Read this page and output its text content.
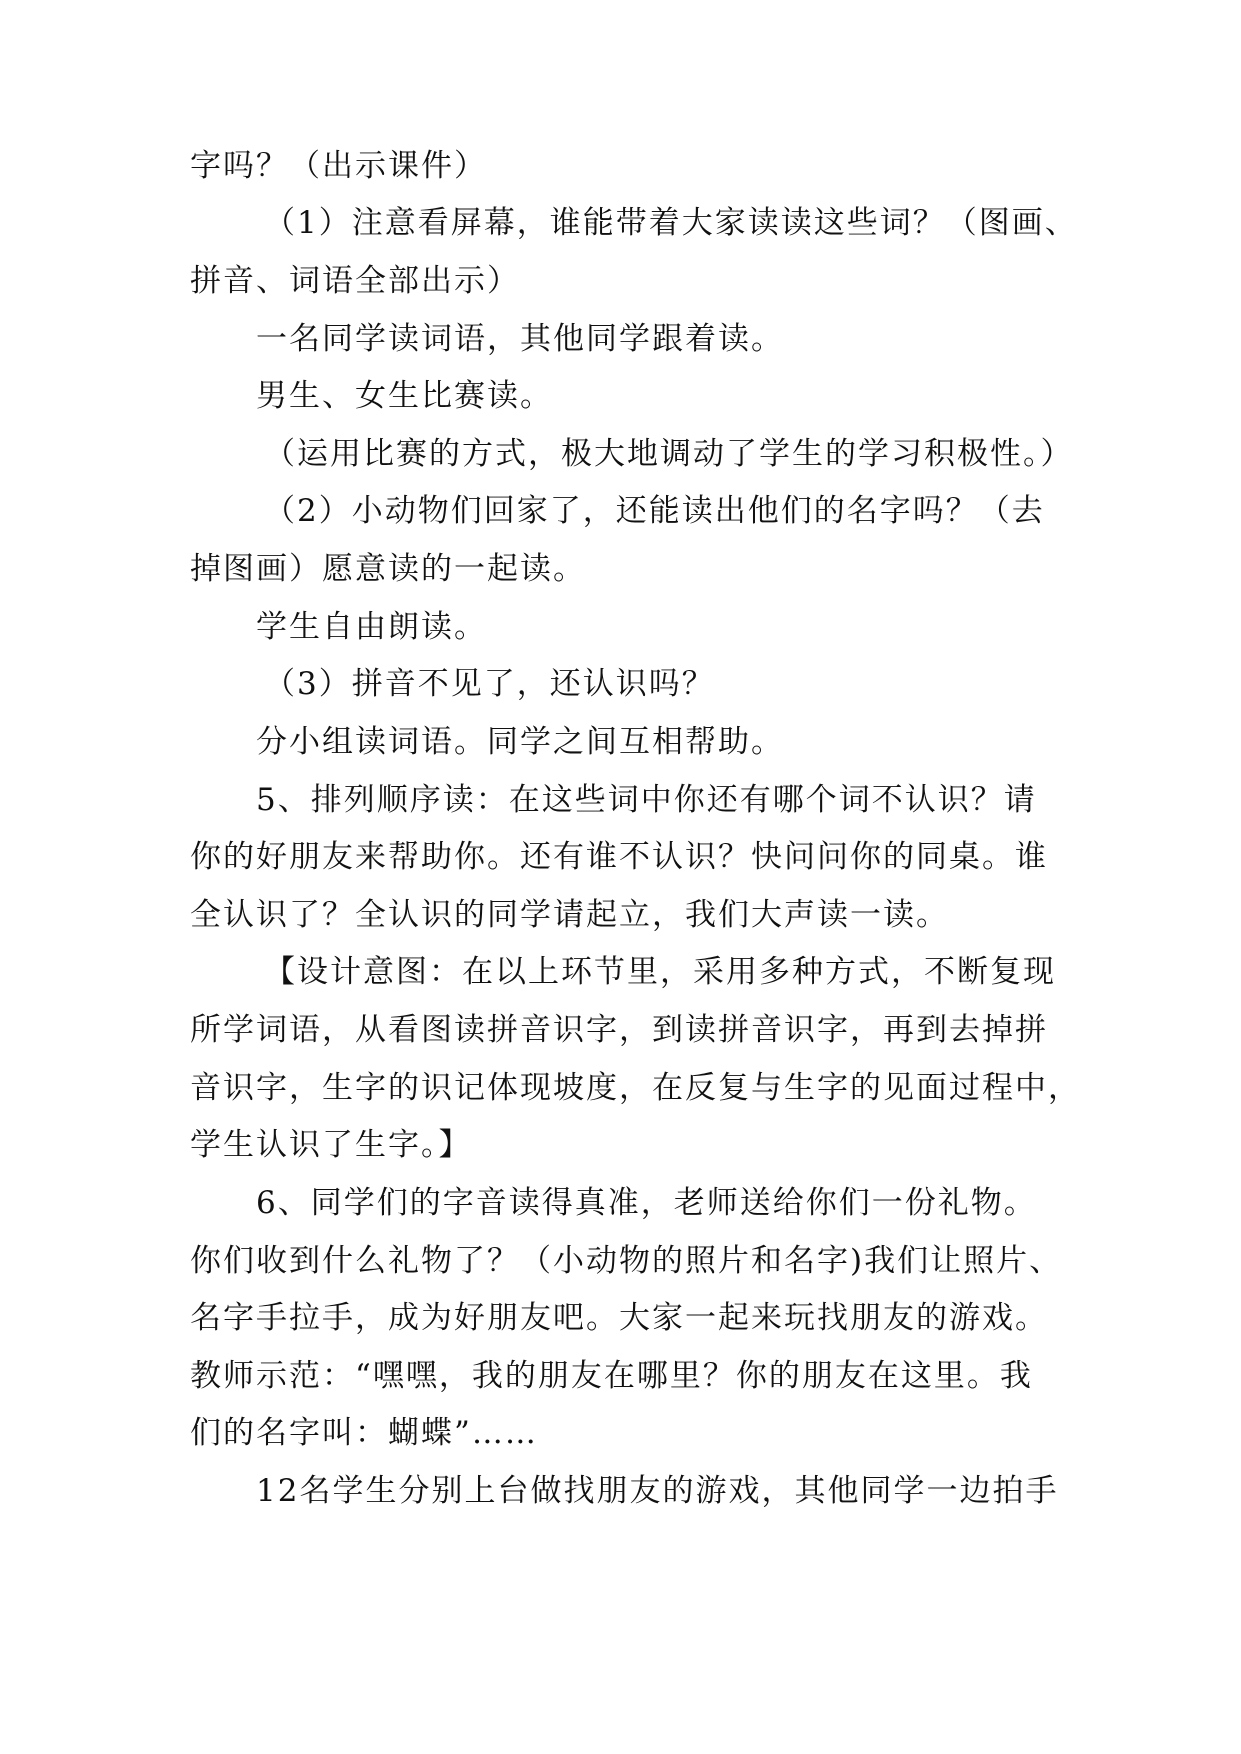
字吗？（出示课件）
（1）注意看屏幕，谁能带着大家读读这些词？（图画、
拼音、词语全部出示）
一名同学读词语，其他同学跟着读。
男生、女生比赛读。
（运用比赛的方式，极大地调动了学生的学习积极性。）
（2）小动物们回家了，还能读出他们的名字吗？（去
掉图画）愿意读的一起读。
学生自由朗读。
（3）拼音不见了，还认识吗？
分小组读词语。同学之间互相帮助。
5、排列顺序读：在这些词中你还有哪个词不认识？请
你的好朋友来帮助你。还有谁不认识？快问问你的同桌。谁
全认识了？全认识的同学请起立，我们大声读一读。
【设计意图：在以上环节里，采用多种方式，不断复现
所学词语，从看图读拼音识字，到读拼音识字，再到去掉拼
音识字，生字的识记体现坡度，在反复与生字的见面过程中，
学生认识了生字。】
6、同学们的字音读得真准，老师送给你们一份礼物。
你们收到什么礼物了？（小动物的照片和名字)我们让照片、
名字手拉手，成为好朋友吧。大家一起来玩找朋友的游戏。
教师示范：“嘿嘿，我的朋友在哪里？你的朋友在这里。我
们的名字叫：蝴蝶”……
12名学生分别上台做找朋友的游戏，其他同学一边拍手
